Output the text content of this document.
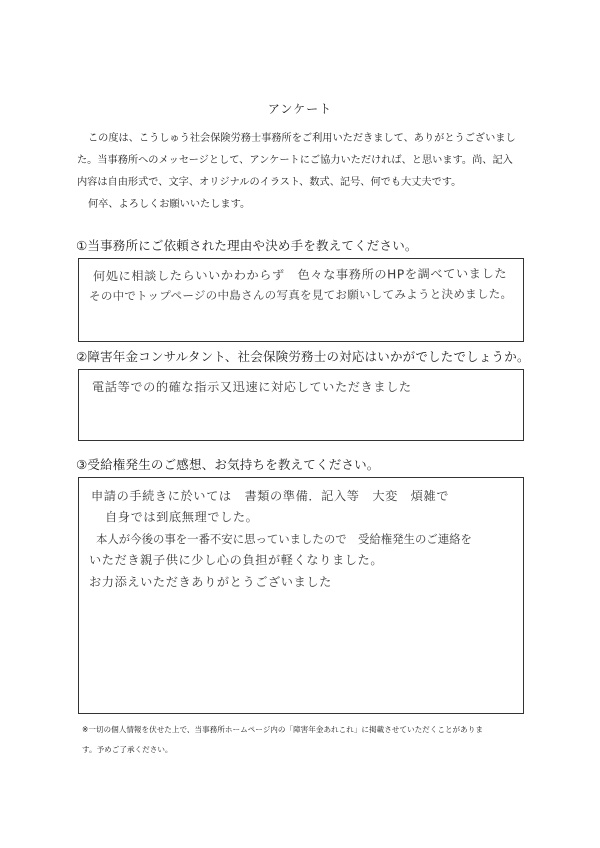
アンケート

この度は、こうしゅう社会保険労務士事務所をご利用いただきまして、ありがとうございまし

た。当事務所へのメッセージとして、アンケートにご協力いただければ、と思います。尚、記入

内容は自由形式で、文字、オリジナルのイラスト、数式、記号、何でも大丈夫です。

何卒、よろしくお願いいたします。

①当事務所にご依頼された理由や決め手を教えてください。
何処に相談したらいいかわからず　色々な事務所のHPを調べていました
その中でトップページの中島さんの写真を見てお願いしてみようと決めました。
②障害年金コンサルタント、社会保険労務士の対応はいかがでしたでしょうか。
電話等での的確な指示又迅速に対応していただきました
③受給権発生のご感想、お気持ちを教えてください。
申請の手続きに於いては　書類の準備．記入等　大変　煩雑で
自身では到底無理でした。
本人が今後の事を一番不安に思っていましたので　受給権発生のご連絡を
いただき親子供に少し心の負担が軽くなりました。
お力添えいただきありがとうございました
※一切の個人情報を伏せた上で、当事務所ホームページ内の「障害年金あれこれ」に掲載させていただくことがありま
す。予めご了承ください。
